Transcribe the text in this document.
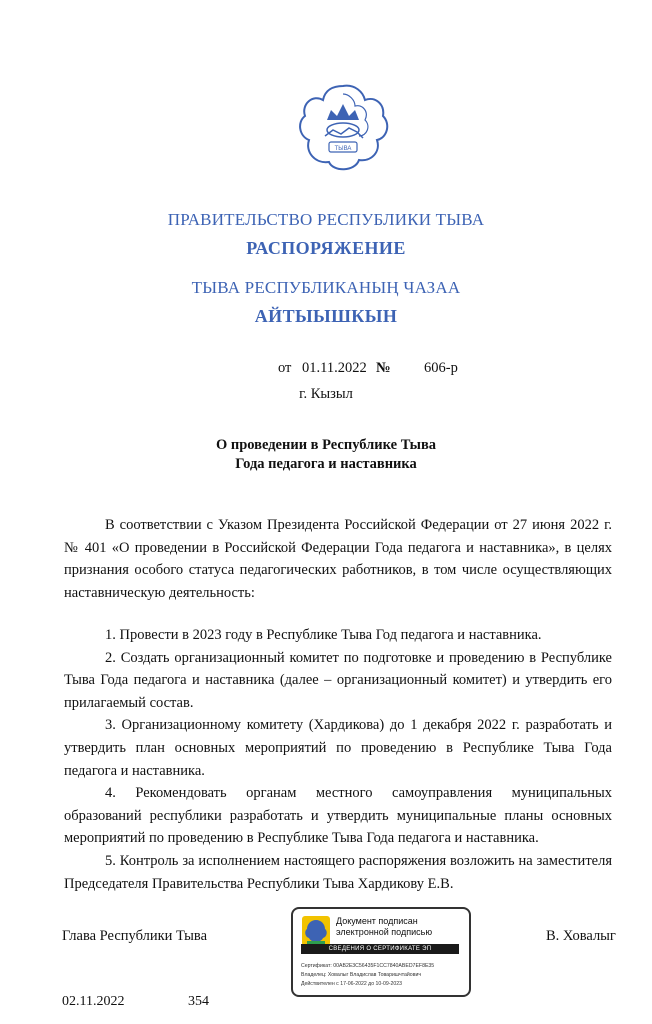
ТЫВА
ПРАВИТЕЛЬСТВО РЕСПУБЛИКИ ТЫВА
РАСПОРЯЖЕНИЕ
ТЫВА РЕСПУБЛИКАНЫҢ ЧАЗАА
АЙТЫЫШКЫН
от 01.11.2022 № 606-р
г. Кызыл
О проведении в Республике Тыва
Года педагога и наставника

В соответствии с Указом Президента Российской Федерации от 27 июня 2022 г. № 401 «О проведении в Российской Федерации Года педагога и наставника», в целях признания особого статуса педагогических работников, в том числе осуществляющих наставническую деятельность:

1. Провести в 2023 году в Республике Тыва Год педагога и наставника.

2. Создать организационный комитет по подготовке и проведению в Республике Тыва Года педагога и наставника (далее – организационный комитет) и утвердить его прилагаемый состав.

3. Организационному комитету (Хардикова) до 1 декабря 2022 г. разработать и утвердить план основных мероприятий по проведению в Республике Тыва Года педагога и наставника.

4. Рекомендовать органам местного самоуправления муниципальных образований республики разработать и утвердить муниципальные планы основных мероприятий по проведению в Республике Тыва Года педагога и наставника.

5. Контроль за исполнением настоящего распоряжения возложить на заместителя Председателя Правительства Республики Тыва Хардикову Е.В.

Глава Республики Тыва
Документ подписан
электронной подписью
СВЕДЕНИЯ О СЕРТИФИКАТЕ ЭП
Сертификат: 00AB2E3C56435F1CC7840ABED7EF8E35
Владелец: Ховалыг Владислав Товаришчтайович
Действителен с 17-06-2022 до 10-09-2023
В. Ховалыг
02.11.2022	354
